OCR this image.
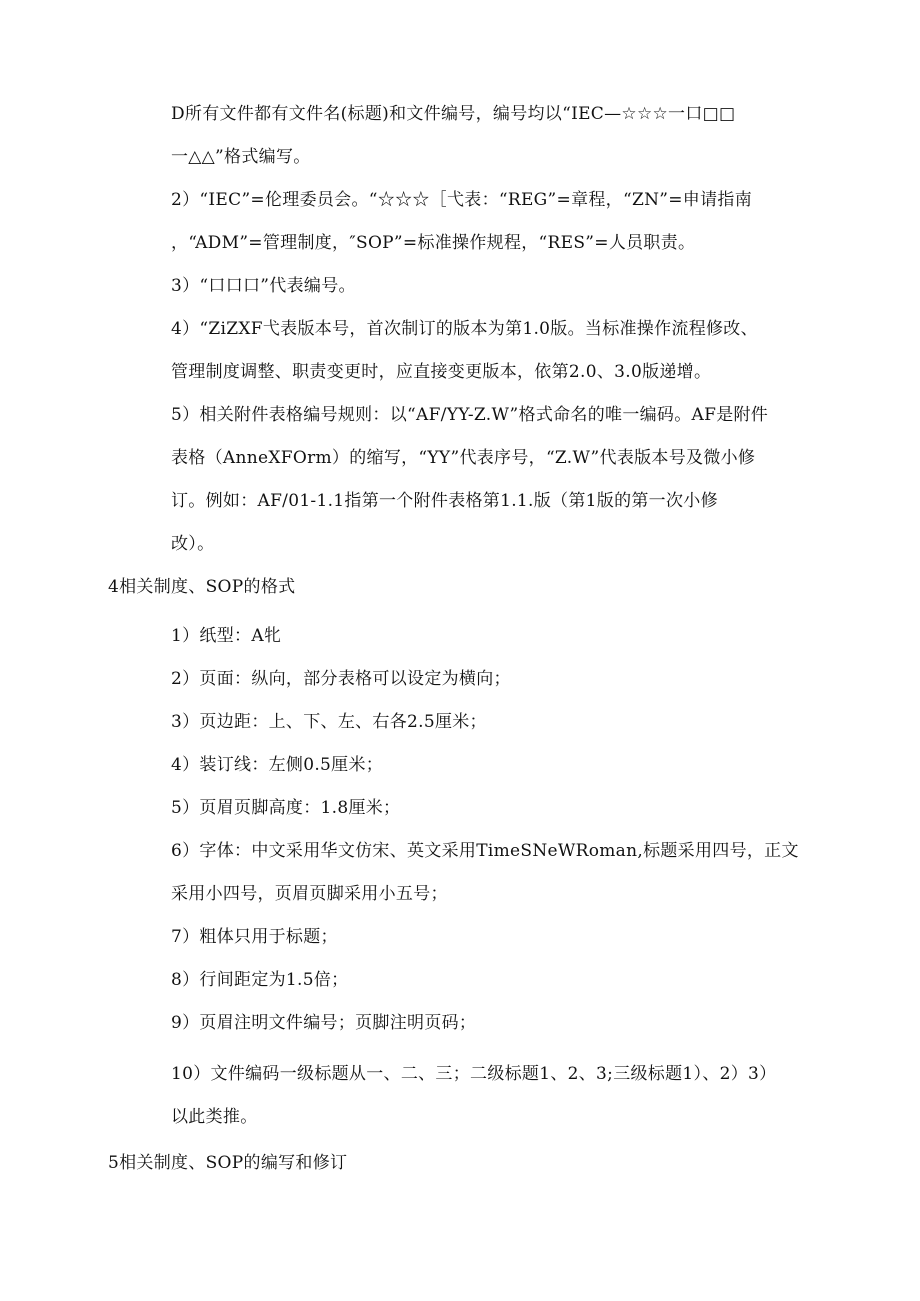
D所有文件都有文件名(标题)和文件编号，编号均以“IEC—☆☆☆一口□□
一△△”格式编写。
2）“IEC”=伦理委员会。“☆☆☆［弋表：“REG”=章程，“ZN”=申请指南
，“ADM”=管理制度，″SOP”=标准操作规程，“RES”=人员职责。
3）“口口口”代表编号。
4）“ZiZXF弋表版本号，首次制订的版本为第1.0版。当标准操作流程修改、
管理制度调整、职责变更时，应直接变更版本，依第2.0、3.0版递增。
5）相关附件表格编号规则：以“AF/YY-Z.W”格式命名的唯一编码。AF是附件
表格（AnneXFOrm）的缩写，“YY”代表序号，“Z.W”代表版本号及微小修
订。例如：AF/01-1.1指第一个附件表格第1.1.版（第1版的第一次小修
改）。
4相关制度、SOP的格式
1）纸型：A牝
2）页面：纵向，部分表格可以设定为横向；
3）页边距：上、下、左、右各2.5厘米；
4）装订线：左侧0.5厘米；
5）页眉页脚高度：1.8厘米；
6）字体：中文采用华文仿宋、英文采用TimeSNeWRoman,标题采用四号，正文
采用小四号，页眉页脚采用小五号；
7）粗体只用于标题；
8）行间距定为1.5倍；
9）页眉注明文件编号；页脚注明页码；
10）文件编码一级标题从一、二、三；二级标题1、2、3;三级标题1）、2）3）
以此类推。
5相关制度、SOP的编写和修订
